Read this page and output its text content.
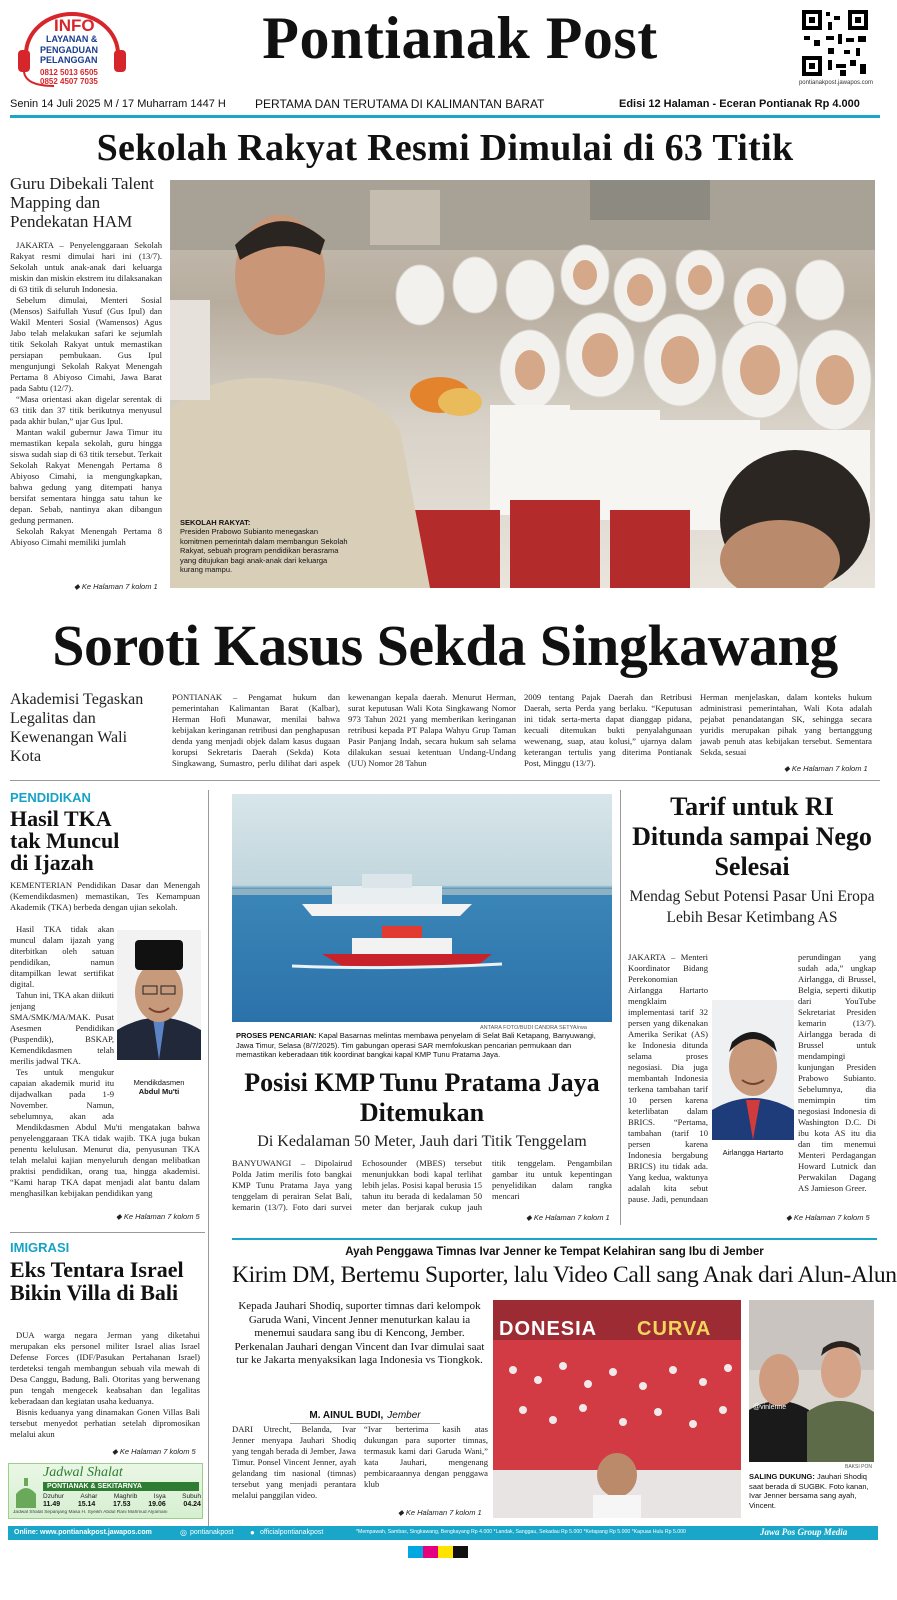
INFO
LAYANAN &
PENGADUAN
PELANGGAN
0812 5013 6505
0852 4507 7035
Pontianak Post
pontianakpost.jawapos.com
Senin 14 Juli 2025 M / 17 Muharram 1447 H PERTAMA DAN TERUTAMA DI KALIMANTAN BARAT	Edisi 12 Halaman - Eceran Pontianak Rp 4.000
Sekolah Rakyat Resmi Dimulai di 63 Titik
Guru Dibekali Talent Mapping dan Pendekatan HAM

JAKARTA – Penyelenggaraan Sekolah Rakyat resmi dimulai hari ini (13/7). Sekolah untuk anak-anak dari keluarga miskin dan miskin ekstrem itu dilaksanakan di 63 titik di seluruh Indonesia.

Sebelum dimulai, Menteri Sosial (Mensos) Saifullah Yusuf (Gus Ipul) dan Wakil Menteri Sosial (Wamensos) Agus Jabo telah melakukan safari ke sejumlah titik Sekolah Rakyat untuk memastikan persiapan pembukaan. Gus Ipul mengunjungi Sekolah Rakyat Menengah Pertama 8 Abiyoso Cimahi, Jawa Barat pada Sabtu (12/7).

“Masa orientasi akan digelar serentak di 63 titik dan 37 titik berikutnya menyusul pada akhir bulan,” ujar Gus Ipul.

Mantan wakil gubernur Jawa Timur itu memastikan kepala sekolah, guru hingga siswa sudah siap di 63 titik tersebut. Terkait Sekolah Rakyat Menengah Pertama 8 Abiyoso Cimahi, ia mengungkapkan, bahwa gedung yang ditempati hanya bersifat sementara hingga satu tahun ke depan. Sebab, nantinya akan dibangun gedung permanen.

Sekolah Rakyat Menengah Pertama 8 Abiyoso Cimahi memiliki jumlah

◆ Ke Halaman 7 kolom 1
SEKOLAH RAKYAT:
Presiden Prabowo Subianto menegaskan komitmen pemerintah dalam membangun Sekolah Rakyat, sebuah program pendidikan berasrama yang ditujukan bagi anak-anak dari keluarga kurang mampu.
Soroti Kasus Sekda Singkawang
Akademisi Tegaskan Legalitas dan Kewenangan Wali Kota
PONTIANAK – Pengamat hukum dan pemerintahan Kalimantan Barat (Kalbar), Herman Hofi Munawar, menilai bahwa kebijakan keringanan retribusi dan penghapusan denda yang menjadi objek dalam kasus dugaan korupsi Sekretaris Daerah (Sekda) Kota Singkawang, Sumastro, perlu dilihat dari aspek
kewenangan kepala daerah. Menurut Herman, surat keputusan Wali Kota Singkawang Nomor 973 Tahun 2021 yang memberikan keringanan retribusi kepada PT Palapa Wahyu Grup Taman Pasir Panjang Indah, secara hukum sah selama dilakukan sesuai ketentuan Undang-Undang (UU) Nomor 28 Tahun
2009 tentang Pajak Daerah dan Retribusi Daerah, serta Perda yang berlaku. “Keputusan ini tidak serta-merta dapat dianggap pidana, kecuali ditemukan bukti penyalahgunaan wewenang, suap, atau kolusi,” ujarnya dalam keterangan tertulis yang diterima Pontianak Post, Minggu (13/7).
Herman menjelaskan, dalam konteks hukum administrasi pemerintahan, Wali Kota adalah pejabat penandatangan SK, sehingga secara yuridis merupakan pihak yang bertanggung jawab penuh atas kebijakan tersebut. Sementara Sekda, sesuai
◆ Ke Halaman 7 kolom 1
PENDIDIKAN
Hasil TKA tak Muncul di Ijazah
KEMENTERIAN Pendidikan Dasar dan Menengah (Kemendikdasmen) memastikan, Tes Kemampuan Akademik (TKA) berbeda dengan ujian sekolah.

Hasil TKA tidak akan muncul dalam ijazah yang diterbitkan oleh satuan pendidikan, namun ditampilkan lewat sertifikat digital.

Tahun ini, TKA akan diikuti jenjang SMA/SMK/MA/MAK. Pusat Asesmen Pendidikan (Puspendik), BSKAP, Kemendikdasmen telah merilis jadwal TKA.

Tes untuk mengukur capaian akademik murid itu dijadwalkan pada 1-9 November. Namun, sebelumnya, akan ada

Mendikdasmen
Abdul Mu'ti
Mendikdasmen Abdul Mu'ti mengatakan bahwa penyelenggaraan TKA tidak wajib. TKA juga bukan penentu kelulusan. Menurut dia, penyusunan TKA telah melalui kajian menyeluruh dengan melibatkan praktisi pendidikan, orang tua, hingga akademisi. “Kami harap TKA dapat menjadi alat bantu dalam menghasilkan kebijakan pendidikan yang
◆ Ke Halaman 7 kolom 5
ANTARA FOTO/BUDI CANDRA SETYA/rwa
PROSES PENCARIAN: Kapal Basarnas melintas membawa penyelam di Selat Bali Ketapang, Banyuwangi, Jawa Timur, Selasa (8/7/2025). Tim gabungan operasi SAR memfokuskan pencarian permukaan dan memastikan keberadaan titik koordinat bangkai kapal KMP Tunu Pratama Jaya.
Posisi KMP Tunu Pratama Jaya Ditemukan
Di Kedalaman 50 Meter, Jauh dari Titik Tenggelam
BANYUWANGI – Dipolairud Polda Jatim merilis foto bangkai KMP Tunu Pratama Jaya yang tenggelam di perairan Selat Bali, kemarin (13/7). Foto dari survei
Echosounder (MBES) tersebut menunjukkan bodi kapal terlihat lebih jelas. Posisi kapal berusia 15 tahun itu berada di kedalaman 50 meter dan berjarak cukup jauh
titik tenggelam. Pengambilan gambar itu untuk kepentingan penyelidikan dalam rangka mencari
◆ Ke Halaman 7 kolom 1
Tarif untuk RI Ditunda sampai Nego Selesai
Mendag Sebut Potensi Pasar Uni Eropa Lebih Besar Ketimbang AS
JAKARTA – Menteri Koordinator Bidang Perekonomian Airlangga Hartarto mengklaim implementasi tarif 32 persen yang dikenakan Amerika Serikat (AS) ke Indonesia ditunda selama proses negosiasi. Dia juga membantah Indonesia terkena tambahan tarif 10 persen karena keterlibatan dalam BRICS. “Pertama, tambahan (tarif 10 persen karena Indonesia bergabung BRICS) itu tidak ada. Yang kedua, waktunya adalah kita sebut pause. Jadi, penundaan
perundingan yang sudah ada,” ungkap Airlangga, di Brussel, Belgia, seperti dikutip dari YouTube Sekretariat Presiden kemarin (13/7). Airlangga berada di Brussel untuk mendampingi kunjungan Presiden Prabowo Subianto. Sebelumnya, dia memimpin tim negosiasi Indonesia di Washington D.C. Di ibu kota AS itu dia dan tim menemui Menteri Perdagangan Howard Lutnick dan Perwakilan Dagang AS Jamieson Greer.
Airlangga Hartarto
◆ Ke Halaman 7 kolom 5
IMIGRASI
Eks Tentara Israel Bikin Villa di Bali

DUA warga negara Jerman yang diketahui merupakan eks personel militer Israel alias Israel Defense Forces (IDF/Pasukan Pertahanan Israel) terdeteksi tengah membangun sebuah vila mewah di Desa Canggu, Badung, Bali. Otoritas yang berwenang pun tengah mengecek keabsahan dan legalitas keberadaan dan kegiatan usaha keduanya.

Bisnis keduanya yang dinamakan Gonen Villas Bali tersebut menyedot perhatian setelah dipromosikan melalui akun

◆ Ke Halaman 7 kolom 5
Jadwal Shalat
PONTIANAK & SEKITARNYA
Dzuhur	Ashar	Maghrib	Isya	Subuh
11.49	15.14	17.53	19.06	04.24
Jadwal Shalat Sepanjang Masa H. Syeikh Abdul Rani Mahmud Alyamani
Ayah Penggawa Timnas Ivar Jenner ke Tempat Kelahiran sang Ibu di Jember
Kirim DM, Bertemu Suporter, lalu Video Call sang Anak dari Alun-Alun
Kepada Jauhari Shodiq, suporter timnas dari kelompok Garuda Wani, Vincent Jenner menuturkan kalau ia menemui saudara sang ibu di Kencong, Jember. Perkenalan Jauhari dengan Vincent dan Ivar dimulai saat tur ke Jakarta menyaksikan laga Indonesia vs Tiongkok.
M. AINUL BUDI, Jember
DARI Utrecht, Belanda, Ivar Jenner menyapa Jauhari Shodiq yang tengah berada di Jember, Jawa Timur. Ponsel Vincent Jenner, ayah gelandang tim nasional (timnas) tersebut yang menjadi perantara melalui panggilan video.
“Ivar berterima kasih atas dukungan para suporter timnas, termasuk kami dari Garuda Wani,” kata Jauhari, mengenang pembicaraannya dengan penggawa klub
◆ Ke Halaman 7 kolom 1
DONESIA CURVA
@vinlenne
BAKSI PON
SALING DUKUNG: Jauhari Shodiq saat berada di SUGBK. Foto kanan, Ivar Jenner bersama sang ayah, Vincent.
Online: www.pontianakpost.jawapos.com	◎ pontianakpost ● officialpontianakpost	*Mempawah, Sambas, Singkawang, Bengkayang Rp 4.000 *Landak, Sanggau, Sekadau Rp 5.000 *Ketapang Rp 5.000 *Kapuas Hulu Rp 5.000	Jawa Pos Group Media
